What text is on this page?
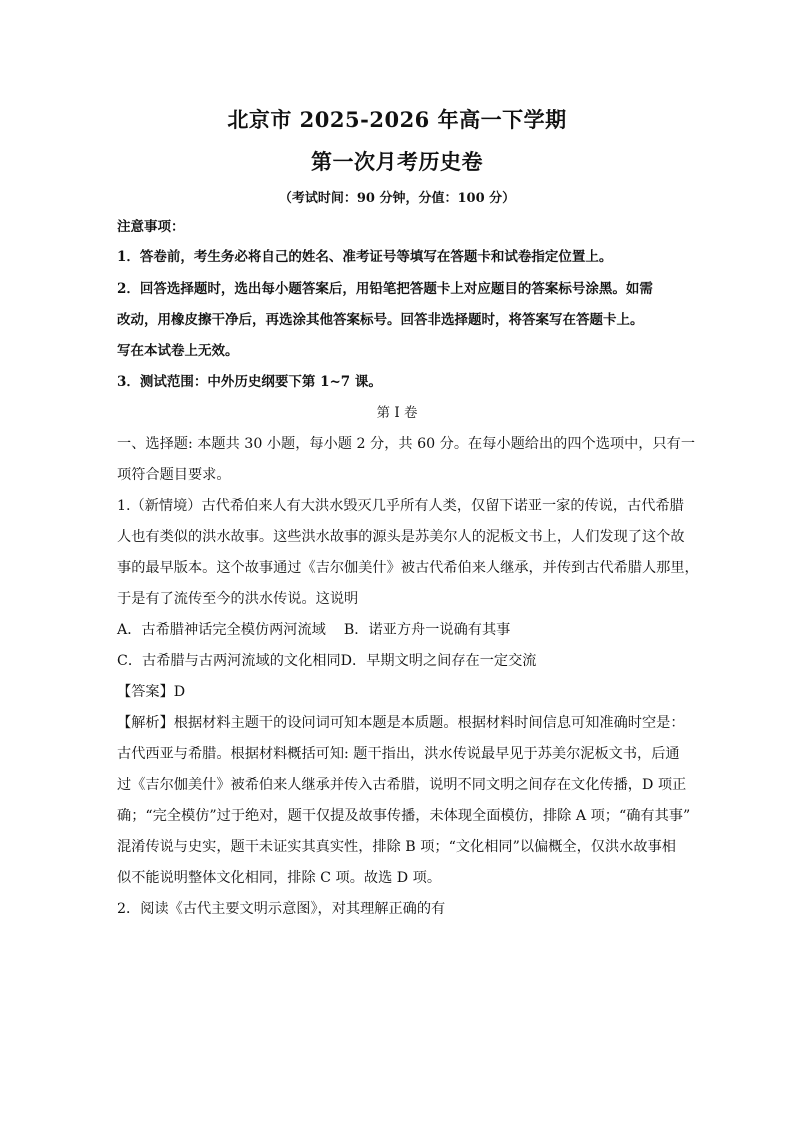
北京市 2025-2026 年高一下学期
第一次月考历史卷
（考试时间：90 分钟，分值：100 分）
注意事项：
1．答卷前，考生务必将自己的姓名、准考证号等填写在答题卡和试卷指定位置上。
2．回答选择题时，选出每小题答案后，用铅笔把答题卡上对应题目的答案标号涂黑。如需
改动，用橡皮擦干净后，再选涂其他答案标号。回答非选择题时，将答案写在答题卡上。
写在本试卷上无效。
3．测试范围：中外历史纲要下第 1~7 课。
第 I 卷
一、选择题: 本题共 30 小题，每小题 2 分，共 60 分。在每小题给出的四个选项中，只有一
项符合题目要求。
1.（新情境）古代希伯来人有大洪水毁灭几乎所有人类，仅留下诺亚一家的传说，古代希腊
人也有类似的洪水故事。这些洪水故事的源头是苏美尔人的泥板文书上，人们发现了这个故
事的最早版本。这个故事通过《吉尔伽美什》被古代希伯来人继承，并传到古代希腊人那里，
于是有了流传至今的洪水传说。这说明
A．古希腊神话完全模仿两河流域 B．诺亚方舟一说确有其事
C．古希腊与古两河流域的文化相同D．早期文明之间存在一定交流
【答案】D
【解析】根据材料主题干的设问词可知本题是本质题。根据材料时间信息可知准确时空是：
古代西亚与希腊。根据材料概括可知: 题干指出，洪水传说最早见于苏美尔泥板文书，后通
过《吉尔伽美什》被希伯来人继承并传入古希腊，说明不同文明之间存在文化传播，D 项正
确；“完全模仿”过于绝对，题干仅提及故事传播，未体现全面模仿，排除 A 项；“确有其事”
混淆传说与史实，题干未证实其真实性，排除 B 项；“文化相同”以偏概全，仅洪水故事相
似不能说明整体文化相同，排除 C 项。故选 D 项。
2．阅读《古代主要文明示意图》，对其理解正确的有
